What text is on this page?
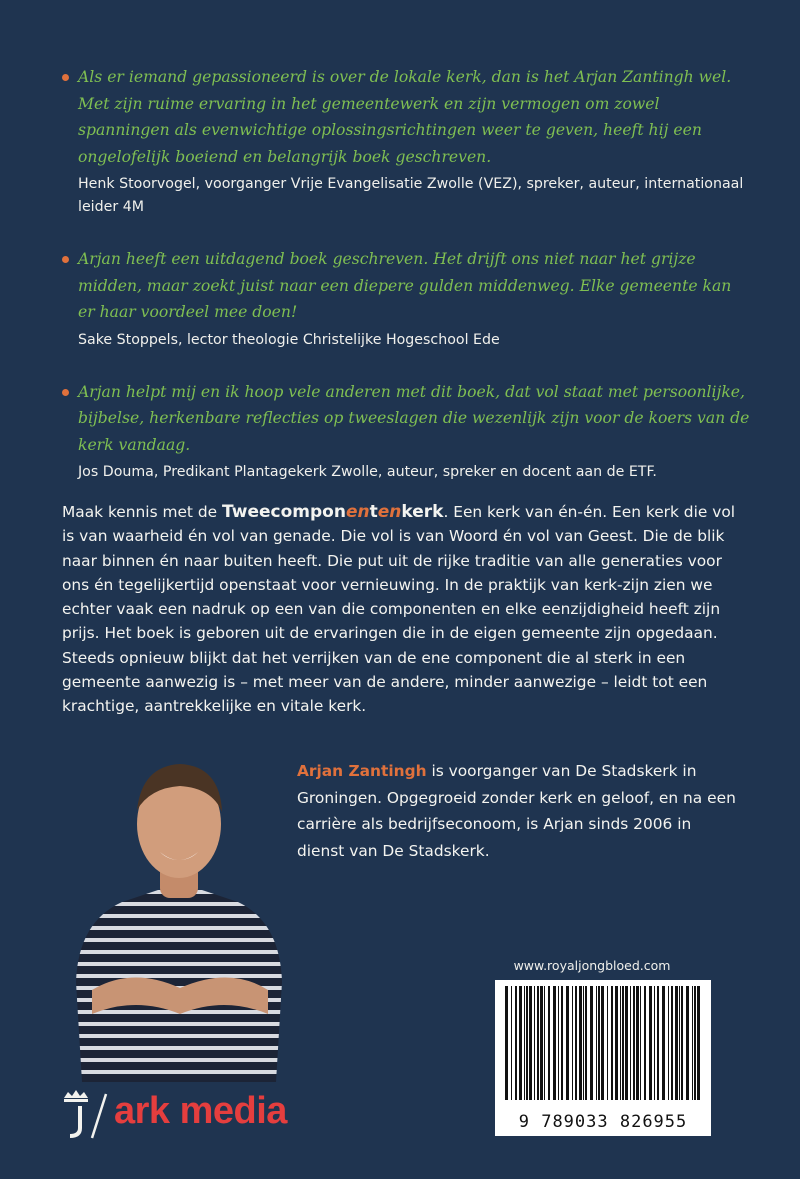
Als er iemand gepassioneerd is over de lokale kerk, dan is het Arjan Zantingh wel. Met zijn ruime ervaring in het gemeentewerk en zijn vermogen om zowel spanningen als evenwichtige oplossingsrichtingen weer te geven, heeft hij een ongelofelijk boeiend en belangrijk boek geschreven.
Henk Stoorvogel, voorganger Vrije Evangelisatie Zwolle (VEZ), spreker, auteur, internationaal leider 4M
Arjan heeft een uitdagend boek geschreven. Het drijft ons niet naar het grijze midden, maar zoekt juist naar een diepere gulden middenweg. Elke gemeente kan er haar voordeel mee doen!
Sake Stoppels, lector theologie Christelijke Hogeschool Ede
Arjan helpt mij en ik hoop vele anderen met dit boek, dat vol staat met persoonlijke, bijbelse, herkenbare reflecties op tweeslagen die wezenlijk zijn voor de koers van de kerk vandaag.
Jos Douma, Predikant Plantagekerk Zwolle, auteur, spreker en docent aan de ETF.
Maak kennis met de Tweecomponentenkerk. Een kerk van én-én. Een kerk die vol is van waarheid én vol van genade. Die vol is van Woord én vol van Geest. Die de blik naar binnen én naar buiten heeft. Die put uit de rijke traditie van alle generaties voor ons én tegelijkertijd openstaat voor vernieuwing. In de praktijk van kerk-zijn zien we echter vaak een nadruk op een van die componenten en elke eenzijdigheid heeft zijn prijs. Het boek is geboren uit de ervaringen die in de eigen gemeente zijn opgedaan. Steeds opnieuw blijkt dat het verrijken van de ene component die al sterk in een gemeente aanwezig is – met meer van de andere, minder aanwezige – leidt tot een krachtige, aantrekkelijke en vitale kerk.
Arjan Zantingh is voorganger van De Stadskerk in Groningen. Opgegroeid zonder kerk en geloof, en na een carrière als bedrijfseconoom, is Arjan sinds 2006 in dienst van De Stadskerk.
www.royaljongbloed.com
9 789033 826955
ark media
